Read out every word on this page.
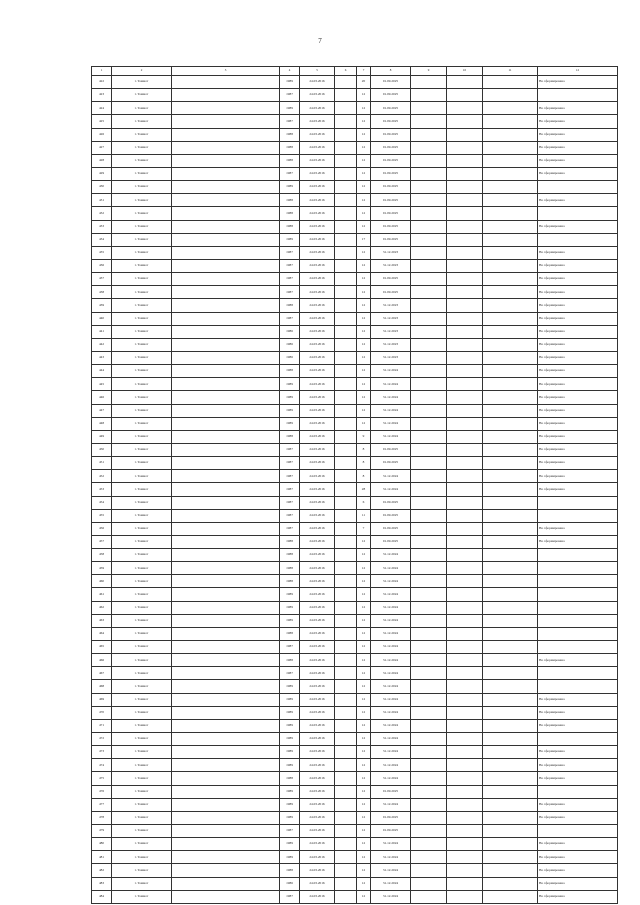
7
1	2	3	4	5	6	7	8	9	10	11	12
422	г. Томмот		1989	24.03.2016		20	01.09.2025				Не сформирована
423	г. Томмот		1987	24.03.2016		12	01.09.2025				
424	г. Томмот		1989	24.03.2016		12	01.09.2025				Не сформирована
425	г. Томмот		1987	24.03.2016		12	01.09.2025				Не сформирована
426	г. Томмот		1988	24.03.2016		12	01.09.2025				Не сформирована
427	г. Томмот		1988	24.03.2016		12	01.09.2025				Не сформирована
428	г. Томмот		1988	24.03.2016		12	01.09.2025				Не сформирована
429	г. Томмот		1987	24.03.2016		12	01.09.2025				Не сформирована
430	г. Томмот		1989	24.03.2016		12	01.09.2025				
431	г. Томмот		1988	24.03.2016		12	01.09.2025				Не сформирована
432	г. Томмот		1988	24.03.2016		12	01.09.2025				
433	г. Томмот		1988	24.03.2016		12	01.09.2025				Не сформирована
434	г. Томмот		1989	24.03.2016		17	01.09.2025				
435	г. Томмот		1987	24.03.2016		12	31.12.2023				Не сформирована
436	г. Томмот		1987	24.03.2016		12	31.12.2023				Не сформирована
437	г. Томмот		1987	24.03.2016		12	01.09.2025				Не сформирована
438	г. Томмот		1987	24.03.2016		12	01.09.2025				Не сформирована
439	г. Томмот		1988	24.03.2016		12	31.12.2023				Не сформирована
440	г. Томмот		1987	24.03.2016		12	31.12.2023				Не сформирована
441	г. Томмот		1986	24.03.2016		12	31.12.2023				Не сформирована
442	г. Томмот		1986	24.03.2016		12	31.12.2023				Не сформирована
443	г. Томмот		1986	24.03.2016		12	31.12.2023				Не сформирована
444	г. Томмот		1988	24.03.2016		12	31.12.2024				Не сформирована
445	г. Томмот		1989	24.03.2016		12	31.12.2024				Не сформирована
446	г. Томмот		1989	24.03.2016		12	31.12.2024				Не сформирована
447	г. Томмот		1989	24.03.2016		12	31.12.2024				Не сформирована
448	г. Томмот		1989	24.03.2016		12	31.12.2024				Не сформирована
449	г. Томмот		1988	24.03.2016		9	31.12.2024				Не сформирована
450	г. Томмот		1987	24.03.2016		8	01.09.2025				Не сформирована
451	г. Томмот		1987	24.03.2016		8	01.09.2025				Не сформирована
452	г. Томмот		1987	24.03.2016		8	31.12.2024				Не сформирована
453	г. Томмот		1987	24.03.2016		28	31.12.2024				Не сформирована
454	г. Томмот		1987	24.03.2016		6	01.09.2025				
455	г. Томмот		1987	24.03.2016		11	01.09.2025				
456	г. Томмот		1987	24.03.2016		7	01.09.2025				Не сформирована
457	г. Томмот		1988	24.03.2016		12	01.09.2025				Не сформирована
458	г. Томмот		1988	24.03.2016		12	31.12.2024				
459	г. Томмот		1988	24.03.2016		12	31.12.2024				
460	г. Томмот		1988	24.03.2016		12	31.12.2024				
461	г. Томмот		1989	24.03.2016		12	31.12.2024				
462	г. Томмот		1989	24.03.2016		12	31.12.2024				
463	г. Томмот		1989	24.03.2016		12	31.12.2024				
464	г. Томмот		1988	24.03.2016		12	31.12.2024				
465	г. Томмот		1987	24.03.2016		12	31.12.2024				
466	г. Томмот		1988	24.03.2016		12	31.12.2024				Не сформирована
467	г. Томмот		1987	24.03.2016		12	31.12.2024				
468	г. Томмот		1989	24.03.2016		12	31.12.2024				
469	г. Томмот		1989	24.03.2016		12	31.12.2024				Не сформирована
470	г. Томмот		1989	24.03.2016		12	31.12.2024				Не сформирована
471	г. Томмот		1989	24.03.2016		12	31.12.2024				Не сформирована
472	г. Томмот		1989	24.03.2016		12	31.12.2024				
473	г. Томмот		1989	24.03.2016		12	31.12.2024				Не сформирована
474	г. Томмот		1989	24.03.2016		12	31.12.2024				Не сформирована
475	г. Томмот		1988	24.03.2016		12	31.12.2024				Не сформирована
476	г. Томмот		1989	24.03.2016		12	01.09.2025				
477	г. Томмот		1989	24.03.2016		12	31.12.2024				Не сформирована
478	г. Томмот		1989	24.03.2016		12	01.09.2025				Не сформирована
479	г. Томмот		1987	24.03.2016		12	01.09.2025				
480	г. Томмот		1989	24.03.2016		12	31.12.2024				Не сформирована
481	г. Томмот		1989	24.03.2016		12	31.12.2024				Не сформирована
482	г. Томмот		1988	24.03.2016		12	31.12.2024				Не сформирована
483	г. Томмот		1986	24.03.2016		12	31.12.2024				Не сформирована
484	г. Томмот		1987	24.03.2016		12	31.12.2024				Не сформирована
